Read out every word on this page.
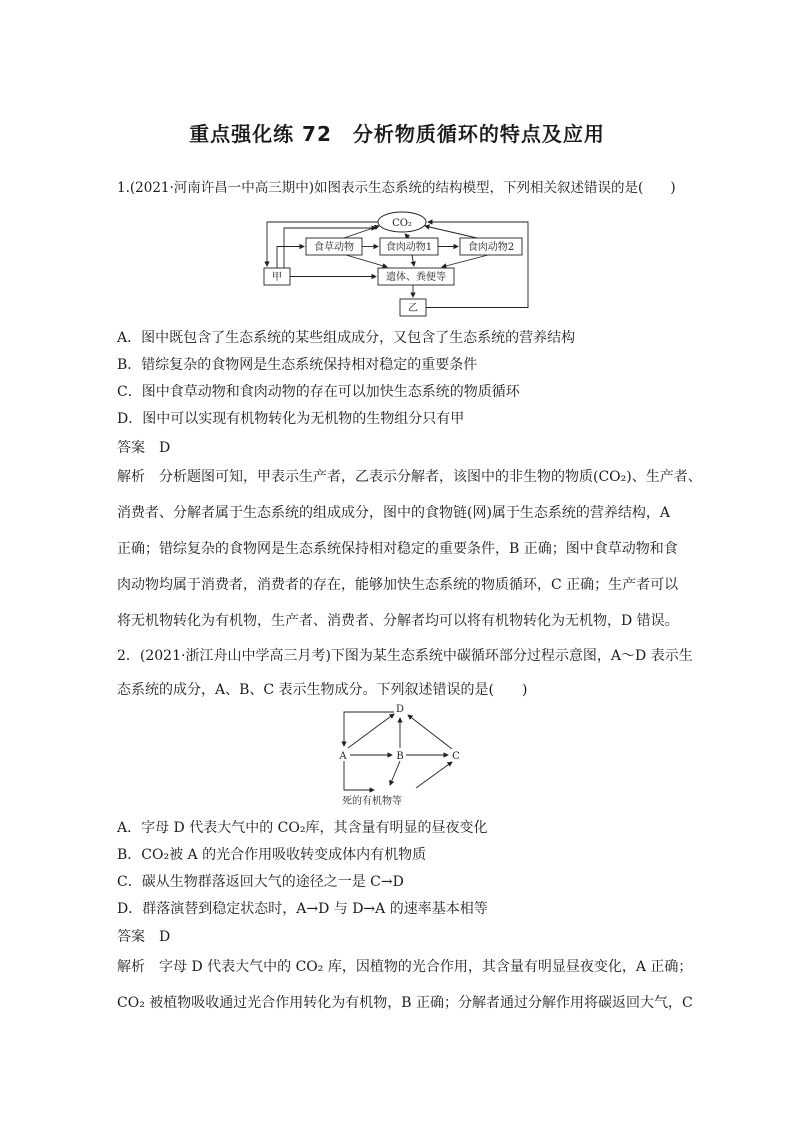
重点强化练 72　分析物质循环的特点及应用
1.(2021·河南许昌一中高三期中)如图表示生态系统的结构模型，下列相关叙述错误的是(　　)
CO₂
食草动物	食肉动物1	食肉动物2
甲	遗体、粪便等
乙
A．图中既包含了生态系统的某些组成成分，又包含了生态系统的营养结构
B．错综复杂的食物网是生态系统保持相对稳定的重要条件
C．图中食草动物和食肉动物的存在可以加快生态系统的物质循环
D．图中可以实现有机物转化为无机物的生物组分只有甲
答案　D
解析　分析题图可知，甲表示生产者，乙表示分解者，该图中的非生物的物质(CO₂)、生产者、
消费者、分解者属于生态系统的组成成分，图中的食物链(网)属于生态系统的营养结构，A
正确；错综复杂的食物网是生态系统保持相对稳定的重要条件，B 正确；图中食草动物和食
肉动物均属于消费者，消费者的存在，能够加快生态系统的物质循环，C 正确；生产者可以
将无机物转化为有机物，生产者、消费者、分解者均可以将有机物转化为无机物，D 错误。
2．(2021·浙江舟山中学高三月考)下图为某生态系统中碳循环部分过程示意图，A～D 表示生
态系统的成分，A、B、C 表示生物成分。下列叙述错误的是(　　)
D
A	B	C
死的有机物等
A．字母 D 代表大气中的 CO₂库，其含量有明显的昼夜变化
B．CO₂被 A 的光合作用吸收转变成体内有机物质
C．碳从生物群落返回大气的途径之一是 C→D
D．群落演替到稳定状态时，A→D 与 D→A 的速率基本相等
答案　D
解析　字母 D 代表大气中的 CO₂ 库，因植物的光合作用，其含量有明显昼夜变化，A 正确；
CO₂ 被植物吸收通过光合作用转化为有机物，B 正确；分解者通过分解作用将碳返回大气，C
